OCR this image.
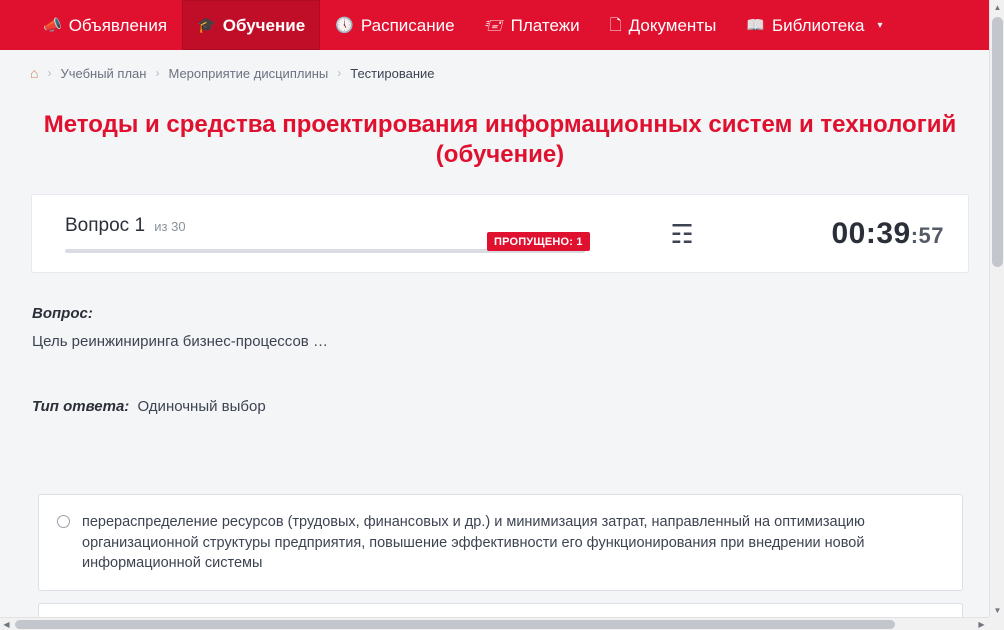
📣 Объявления 🎓 Обучение 🕔 Расписание 🖅 Платежи 🗋 Документы 📖 Библиотека ▾
⌂ › Учебный план › Мероприятие дисциплины › Тестирование
Методы и средства проектирования информационных систем и технологий (обучение)
Вопрос 1 из 30
ПРОПУЩЕНО: 1	☶	00:39:57
Вопрос:
Цель реинжиниринга бизнес-процессов …
Тип ответа: Одиночный выбор
перераспределение ресурсов (трудовых, финансовых и др.) и минимизация затрат, направленный на оптимизацию организационной структуры предприятия, повышение эффективности его функционирования при внедрении новой информационной системы
▲
▼
◀	▶
